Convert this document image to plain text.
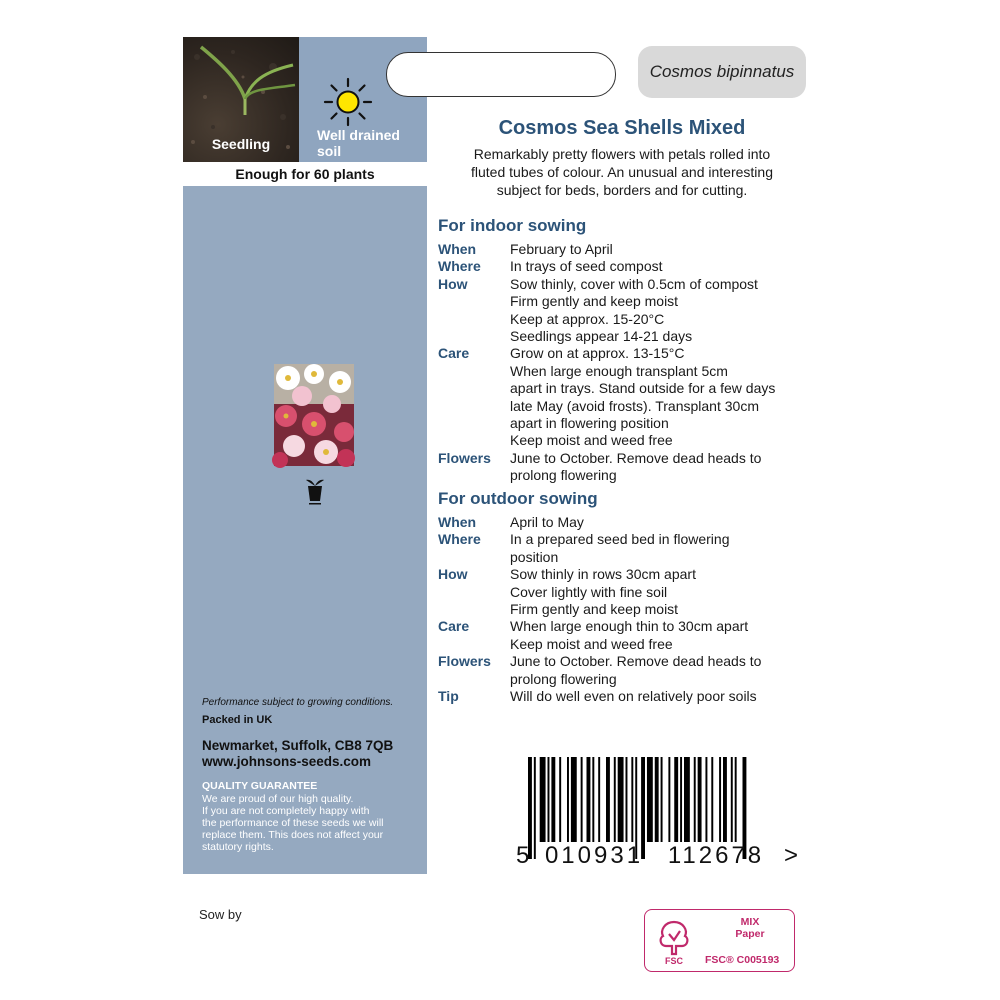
Seedling
Well drained
soil
Enough for 60 plants
Performance subject to growing conditions.
Packed in UK
Newmarket, Suffolk, CB8 7QB
www.johnsons-seeds.com
QUALITY GUARANTEE
We are proud of our high quality.
If you are not completely happy with
the performance of these seeds we will
replace them. This does not affect your
statutory rights.
Cosmos bipinnatus
Cosmos Sea Shells Mixed
Remarkably pretty flowers with petals rolled into
fluted tubes of colour. An unusual and interesting
subject for beds, borders and for cutting.
For indoor sowing
When	February to April
Where	In trays of seed compost
How	Sow thinly, cover with 0.5cm of compost
Firm gently and keep moist
Keep at approx. 15-20°C
Seedlings appear 14-21 days
Care	Grow on at approx. 13-15°C
When large enough transplant 5cm
apart in trays. Stand outside for a few days
late May (avoid frosts). Transplant 30cm
apart in flowering position
Keep moist and weed free
Flowers	June to October. Remove dead heads to
prolong flowering
For outdoor sowing
When	April to May
Where	In a prepared seed bed in flowering
position
How	Sow thinly in rows 30cm apart
Cover lightly with fine soil
Firm gently and keep moist
Care	When large enough thin to 30cm apart
Keep moist and weed free
Flowers	June to October. Remove dead heads to
prolong flowering
Tip	Will do well even on relatively poor soils
5 010931 112678 >
Sow by
FSC
MIX
Paper
FSC® C005193
